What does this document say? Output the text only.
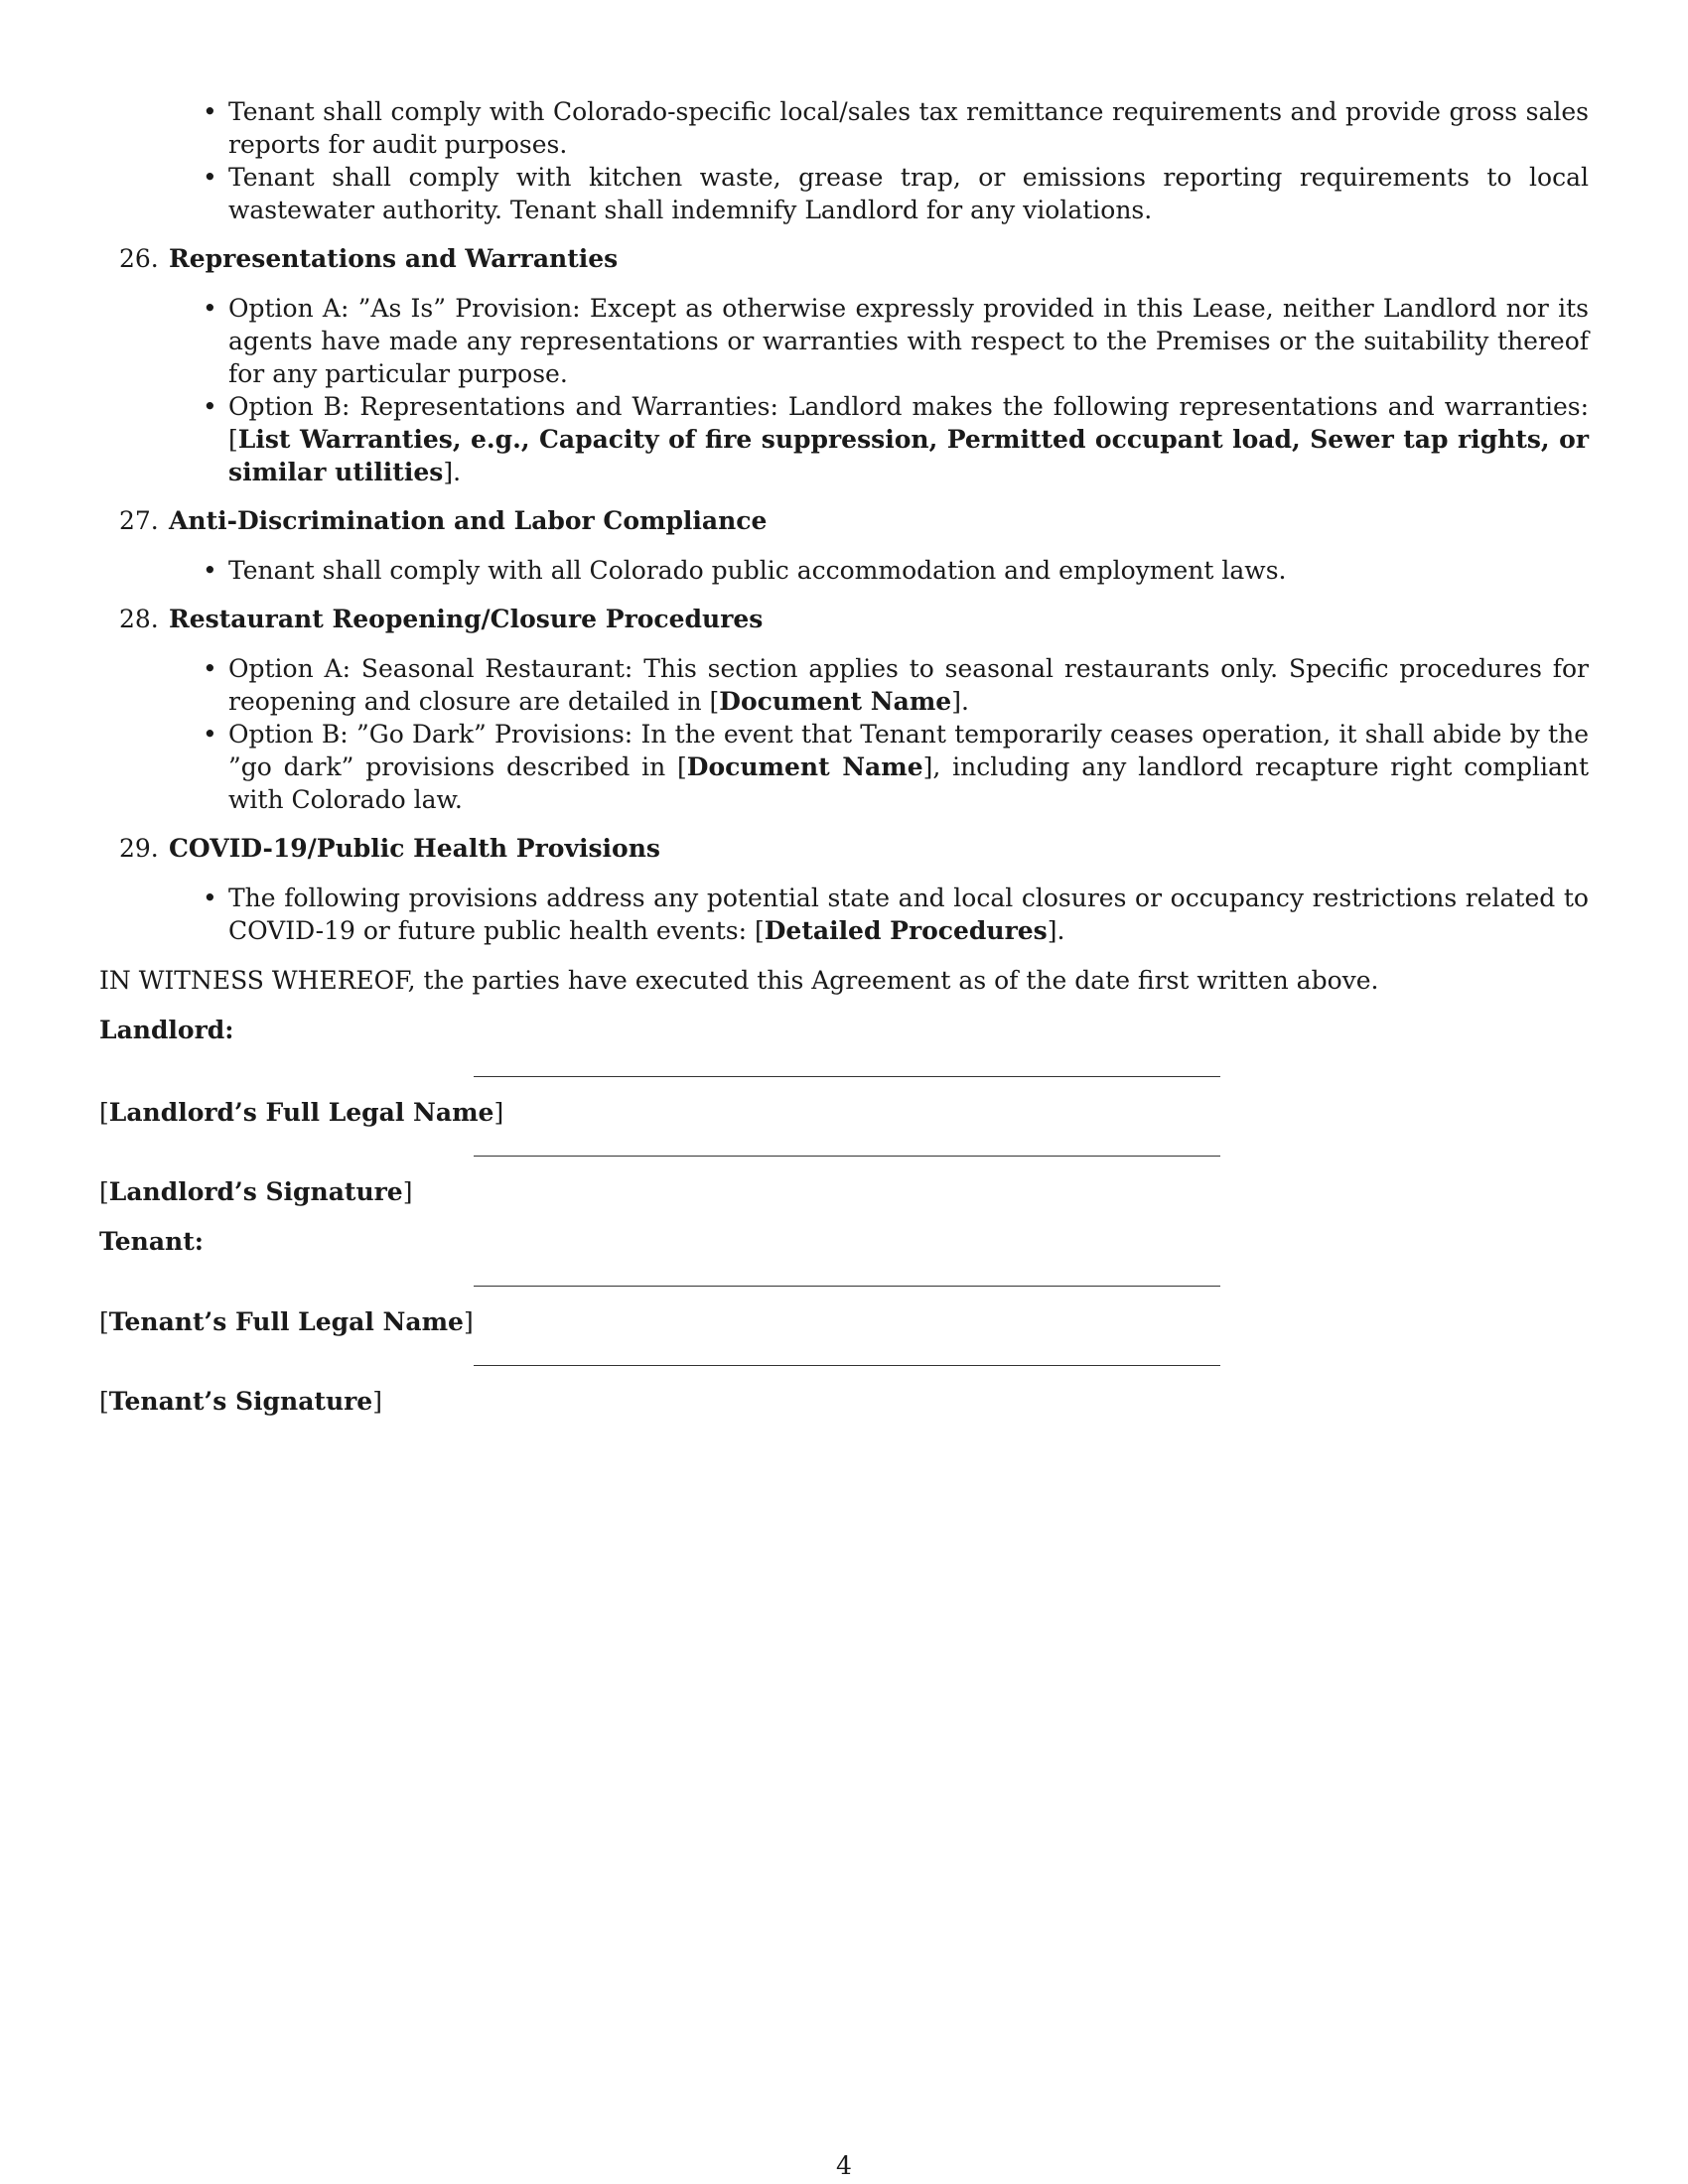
• Tenant shall comply with Colorado-specific local/sales tax remittance requirements and provide gross sales reports for audit purposes.
• Tenant shall comply with kitchen waste, grease trap, or emissions reporting requirements to local wastewater authority. Tenant shall indemnify Landlord for any violations.
26. Representations and Warranties
• Option A: ”As Is” Provision: Except as otherwise expressly provided in this Lease, neither Landlord nor its agents have made any representations or warranties with respect to the Premises or the suitability thereof for any particular purpose.
• Option B: Representations and Warranties: Landlord makes the following representations and warranties: [List Warranties, e.g., Capacity of fire suppression, Permitted occupant load, Sewer tap rights, or similar utilities].
27. Anti-Discrimination and Labor Compliance
• Tenant shall comply with all Colorado public accommodation and employment laws.
28. Restaurant Reopening/Closure Procedures
• Option A: Seasonal Restaurant: This section applies to seasonal restaurants only. Specific procedures for reopening and closure are detailed in [Document Name].
• Option B: ”Go Dark” Provisions: In the event that Tenant temporarily ceases operation, it shall abide by the ”go dark” provisions described in [Document Name], including any landlord recapture right compliant with Colorado law.
29. COVID-19/Public Health Provisions
• The following provisions address any potential state and local closures or occupancy restrictions related to COVID-19 or future public health events: [Detailed Procedures].
IN WITNESS WHEREOF, the parties have executed this Agreement as of the date first written above.
Landlord:
[Landlord’s Full Legal Name]
[Landlord’s Signature]
Tenant:
[Tenant’s Full Legal Name]
[Tenant’s Signature]
4
